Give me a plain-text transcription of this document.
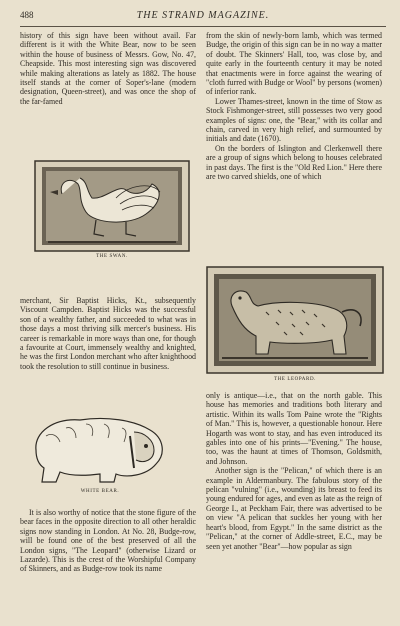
488	THE STRAND MAGAZINE.

history of this sign have been without avail. Far different is it with the White Bear, now to be seen within the house of business of Messrs. Gow, No. 47, Cheapside. This most interesting sign was discovered while making alterations as lately as 1882. The house itself stands at the corner of Soper's-lane (modern designation, Queen-street), and was once the shop of the far-famed

THE SWAN.

merchant, Sir Baptist Hicks, Kt., subsequently Viscount Campden. Baptist Hicks was the successful son of a wealthy father, and succeeded to what was in those days a most thriving silk mercer's business. His career is remarkable in more ways than one, for though a favourite at Court, immensely wealthy and knighted, he was the first London merchant who after knighthood took the resolution to still continue in business.

WHITE BEAR.

It is also worthy of notice that the stone figure of the bear faces in the opposite direction to all other heraldic signs now standing in London. At No. 28, Budge-row, will be found one of the best preserved of all the London signs, "The Leopard" (otherwise Lizard or Lazarde). This is the crest of the Worshipful Company of Skinners, and as Budge-row took its name

from the skin of newly-born lamb, which was termed Budge, the origin of this sign can be in no way a matter of doubt. The Skinners' Hall, too, was close by, and quite early in the fourteenth century it may be noted that enactments were in force against the wearing of "cloth furred with Budge or Wool" by persons (women) of inferior rank.

Lower Thames-street, known in the time of Stow as Stock Fishmonger-street, still possesses two very good examples of signs: one, the "Bear," with its collar and chain, carved in very high relief, and surmounted by initials and date (1670).

On the borders of Islington and Clerkenwell there are a group of signs which belong to houses celebrated in past days. The first is the "Old Red Lion." Here there are two carved shields, one of which

THE LEOPARD.

only is antique—i.e., that on the north gable. This house has memories and traditions both literary and artistic. Within its walls Tom Paine wrote the "Rights of Man." This is, however, a questionable honour. Here Hogarth was wont to stay, and has even introduced its gables into one of his prints—"Evening." The house, too, was the haunt at times of Thomson, Goldsmith, and Johnson.

Another sign is the "Pelican," of which there is an example in Aldermanbury. The fabulous story of the pelican "vulning" (i.e., wounding) its breast to feed its young endured for ages, and even as late as the reign of George I., at Peckham Fair, there was advertised to be on view "A pelican that suckles her young with her heart's blood, from Egypt." In the same district as the "Pelican," at the corner of Addle-street, E.C., may be seen yet another "Bear"—how popular as sign
